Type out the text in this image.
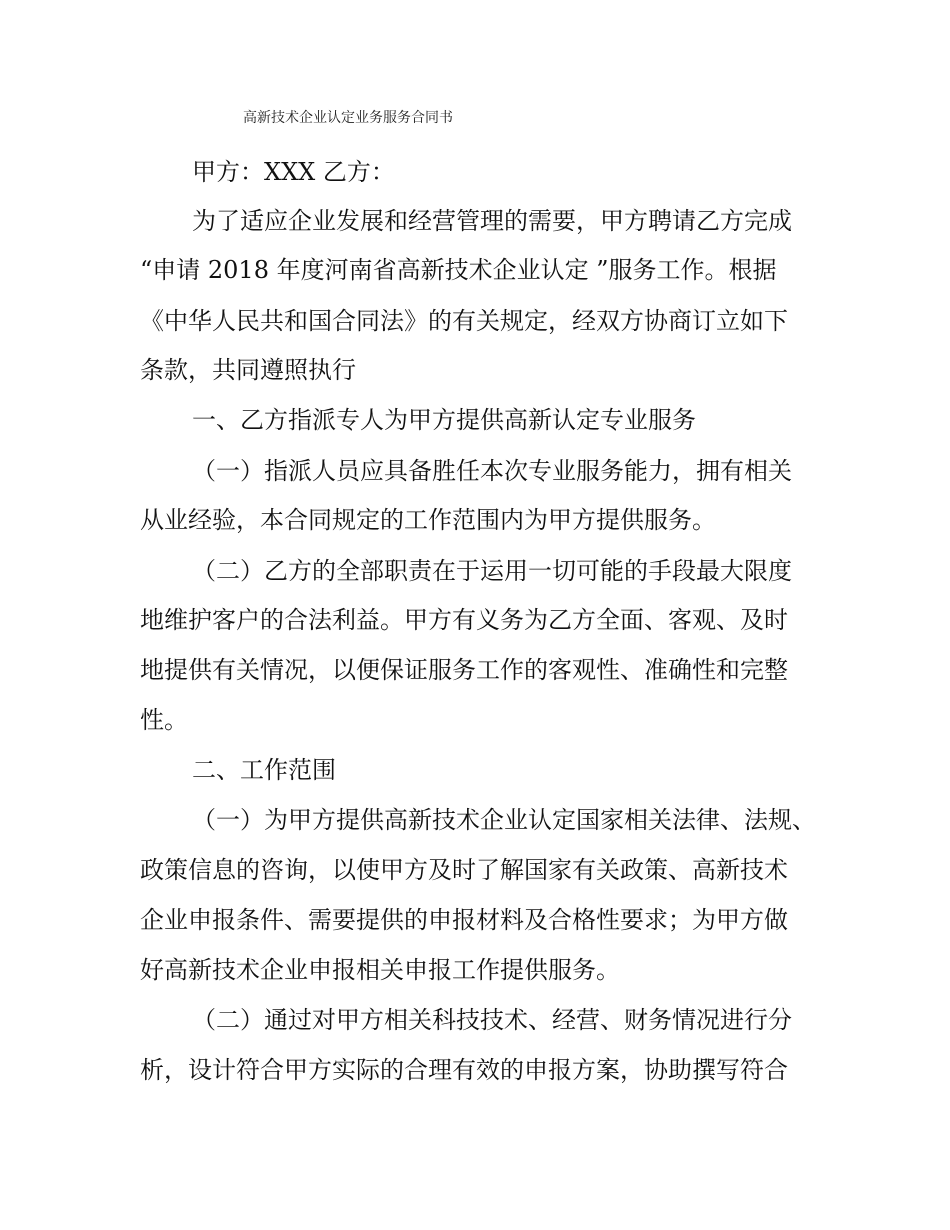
高新技术企业认定业务服务合同书
甲方：XXX 乙方：
为了适应企业发展和经营管理的需要，甲方聘请乙方完成
“申请 2018 年度河南省高新技术企业认定 ”服务工作。根据
《中华人民共和国合同法》的有关规定，经双方协商订立如下
条款，共同遵照执行
一、乙方指派专人为甲方提供高新认定专业服务
（一）指派人员应具备胜任本次专业服务能力，拥有相关
从业经验，本合同规定的工作范围内为甲方提供服务。
（二）乙方的全部职责在于运用一切可能的手段最大限度
地维护客户的合法利益。甲方有义务为乙方全面、客观、及时
地提供有关情况，以便保证服务工作的客观性、准确性和完整
性。
二、工作范围
（一）为甲方提供高新技术企业认定国家相关法律、法规、
政策信息的咨询，以使甲方及时了解国家有关政策、高新技术
企业申报条件、需要提供的申报材料及合格性要求；为甲方做
好高新技术企业申报相关申报工作提供服务。
（二）通过对甲方相关科技技术、经营、财务情况进行分
析，设计符合甲方实际的合理有效的申报方案，协助撰写符合
